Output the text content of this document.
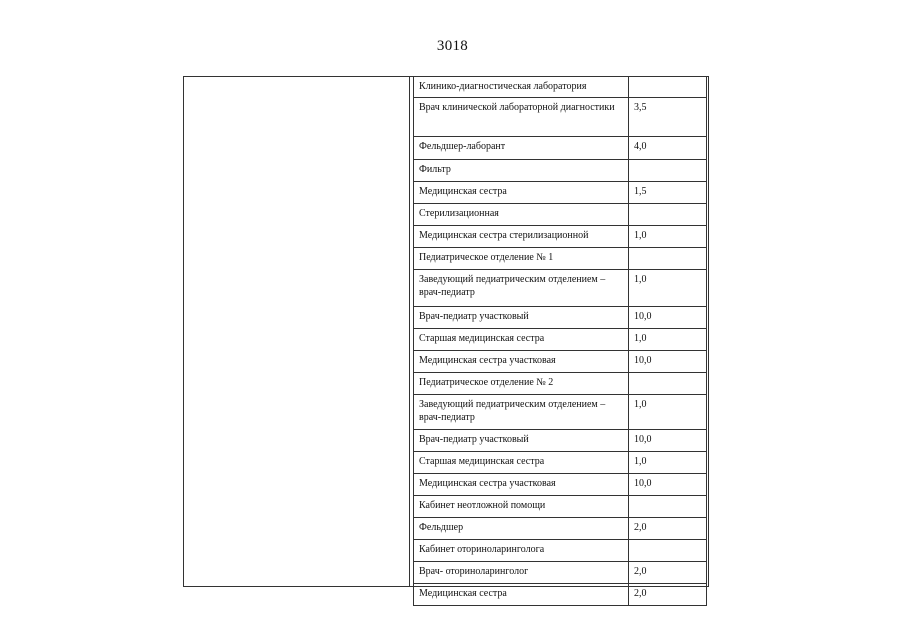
3018
Клинико-диагностическая лаборатория	
Врач клинической лабораторной диагностики	3,5
Фельдшер-лаборант	4,0
Фильтр	
Медицинская сестра	1,5
Стерилизационная	
Медицинская сестра стерилизационной	1,0
Педиатрическое отделение № 1	
Заведующий педиатрическим отделением – врач-педиатр	1,0
Врач-педиатр участковый	10,0
Старшая медицинская сестра	1,0
Медицинская сестра участковая	10,0
Педиатрическое отделение № 2	
Заведующий педиатрическим отделением – врач-педиатр	1,0
Врач-педиатр участковый	10,0
Старшая медицинская сестра	1,0
Медицинская сестра участковая	10,0
Кабинет неотложной помощи	
Фельдшер	2,0
Кабинет оториноларинголога	
Врач- оториноларинголог	2,0
Медицинская сестра	2,0
